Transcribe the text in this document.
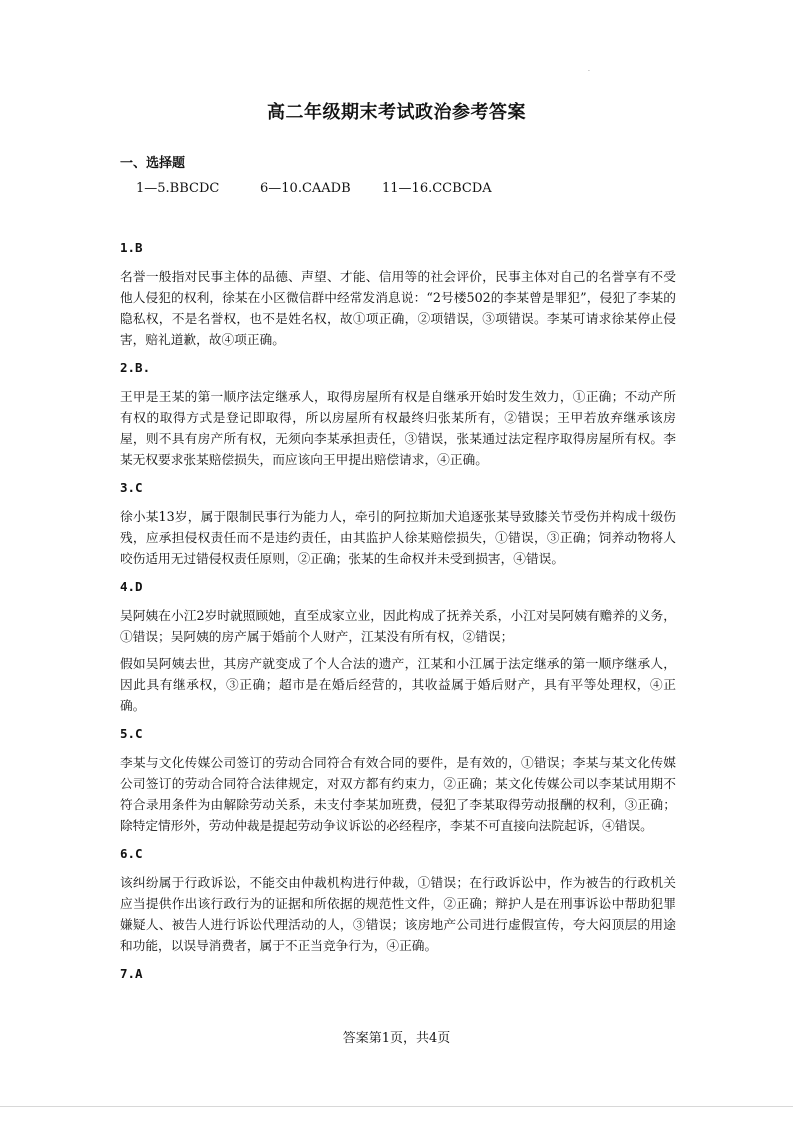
.
高二年级期末考试政治参考答案
一、选择题
1—5.BBCDC	6—10.CAADB	11—16.CCBCDA
1.B

名誉一般指对民事主体的品德、声望、才能、信用等的社会评价，民事主体对自己的名誉享有不受他人侵犯的权利，徐某在小区微信群中经常发消息说：“2号楼502的李某曾是罪犯”，侵犯了李某的隐私权，不是名誉权，也不是姓名权，故①项正确，②项错误，③项错误。李某可请求徐某停止侵害，赔礼道歉，故④项正确。

2.B.

王甲是王某的第一顺序法定继承人，取得房屋所有权是自继承开始时发生效力，①正确；不动产所有权的取得方式是登记即取得，所以房屋所有权最终归张某所有，②错误；王甲若放弃继承该房屋，则不具有房产所有权，无须向李某承担责任，③错误，张某通过法定程序取得房屋所有权。李某无权要求张某赔偿损失，而应该向王甲提出赔偿请求，④正确。

3.C

徐小某13岁，属于限制民事行为能力人，牵引的阿拉斯加犬追逐张某导致膝关节受伤并构成十级伤残，应承担侵权责任而不是违约责任，由其监护人徐某赔偿损失，①错误，③正确；饲养动物将人咬伤适用无过错侵权责任原则，②正确；张某的生命权并未受到损害，④错误。

4.D

吴阿姨在小江2岁时就照顾她，直至成家立业，因此构成了抚养关系，小江对吴阿姨有赡养的义务，①错误；吴阿姨的房产属于婚前个人财产，江某没有所有权，②错误；

假如吴阿姨去世，其房产就变成了个人合法的遗产，江某和小江属于法定继承的第一顺序继承人，因此具有继承权，③正确；超市是在婚后经营的，其收益属于婚后财产，具有平等处理权，④正确。

5.C

李某与文化传媒公司签订的劳动合同符合有效合同的要件，是有效的，①错误；李某与某文化传媒公司签订的劳动合同符合法律规定，对双方都有约束力，②正确；某文化传媒公司以李某试用期不符合录用条件为由解除劳动关系，未支付李某加班费，侵犯了李某取得劳动报酬的权利，③正确；除特定情形外，劳动仲裁是提起劳动争议诉讼的必经程序，李某不可直接向法院起诉，④错误。

6.C

该纠纷属于行政诉讼，不能交由仲裁机构进行仲裁，①错误；在行政诉讼中，作为被告的行政机关应当提供作出该行政行为的证据和所依据的规范性文件，②正确；辩护人是在刑事诉讼中帮助犯罪嫌疑人、被告人进行诉讼代理活动的人，③错误；该房地产公司进行虚假宣传，夸大闷顶层的用途和功能，以误导消费者，属于不正当竞争行为，④正确。

7.A
答案第1页，共4页
